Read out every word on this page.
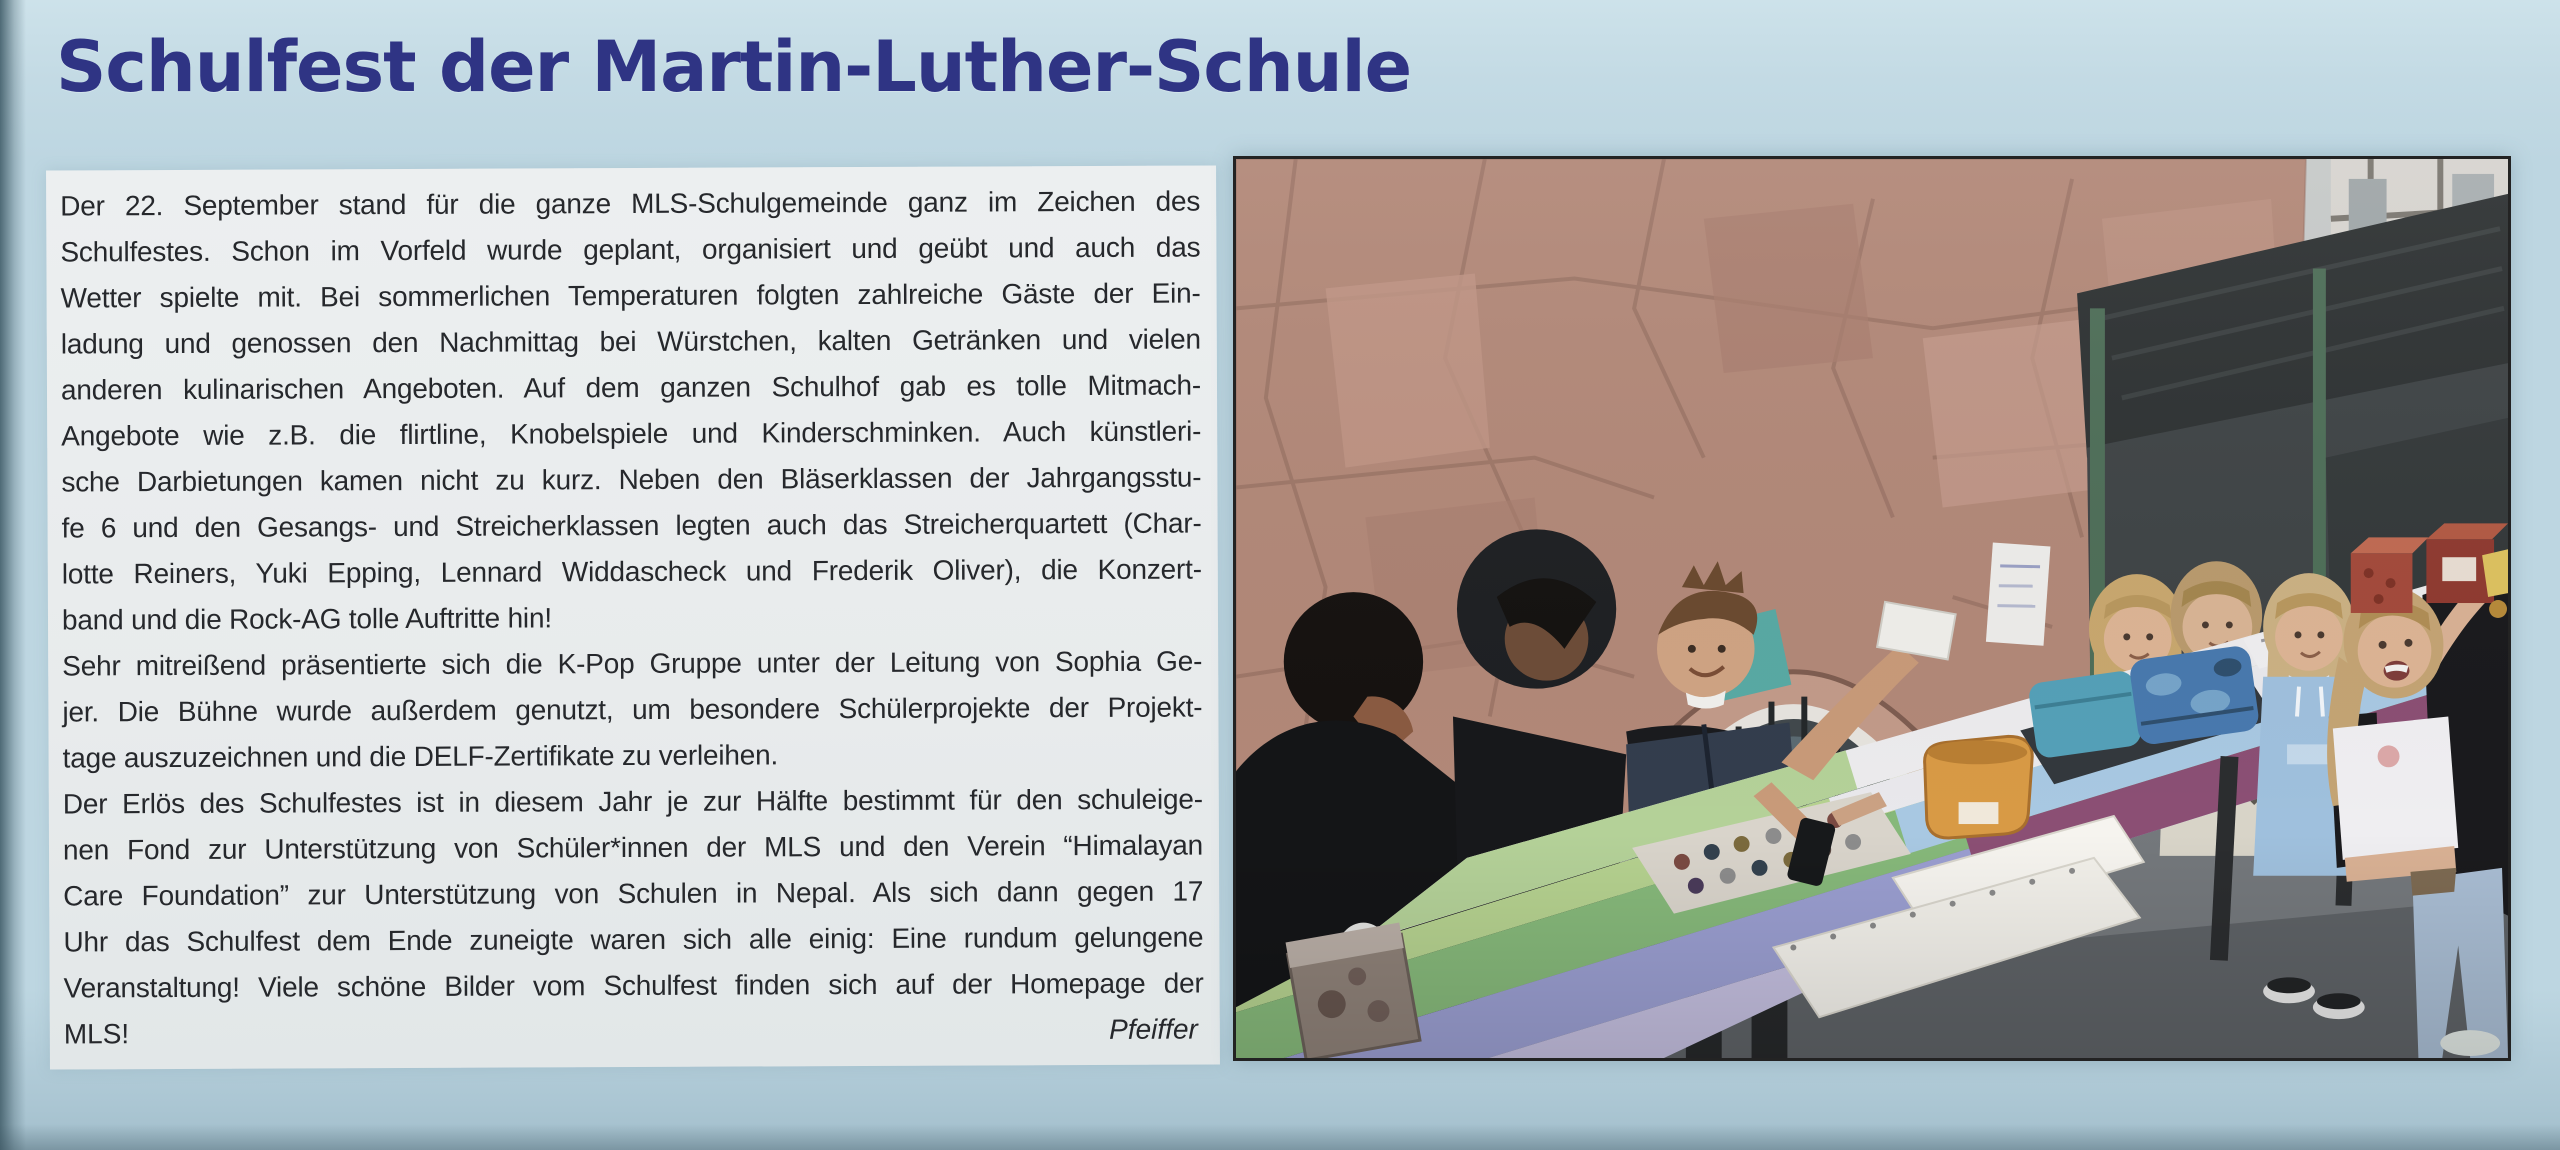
Schulfest der Martin-Luther-Schule
Der 22. September stand für die ganze MLS-Schulgemeinde ganz im Zeichen des
Schulfestes. Schon im Vorfeld wurde geplant, organisiert und geübt und auch das
Wetter spielte mit. Bei sommerlichen Temperaturen folgten zahlreiche Gäste der Ein-
ladung und genossen den Nachmittag bei Würstchen, kalten Getränken und vielen
anderen kulinarischen Angeboten. Auf dem ganzen Schulhof gab es tolle Mitmach-
Angebote wie z.B. die flirtline, Knobelspiele und Kinderschminken. Auch künstleri-
sche Darbietungen kamen nicht zu kurz. Neben den Bläserklassen der Jahrgangsstu-
fe 6 und den Gesangs- und Streicherklassen legten auch das Streicherquartett (Char-
lotte Reiners, Yuki Epping, Lennard Widdascheck und Frederik Oliver), die Konzert-
band und die Rock-AG tolle Auftritte hin!
Sehr mitreißend präsentierte sich die K-Pop Gruppe unter der Leitung von Sophia Ge-
jer. Die Bühne wurde außerdem genutzt, um besondere Schülerprojekte der Projekt-
tage auszuzeichnen und die DELF-Zertifikate zu verleihen.
Der Erlös des Schulfestes ist in diesem Jahr je zur Hälfte bestimmt für den schuleige-
nen Fond zur Unterstützung von Schüler*innen der MLS und den Verein “Himalayan
Care Foundation” zur Unterstützung von Schulen in Nepal. Als sich dann gegen 17
Uhr das Schulfest dem Ende zuneigte waren sich alle einig: Eine rundum gelungene
Veranstaltung! Viele schöne Bilder vom Schulfest finden sich auf der Homepage der
MLS!	Pfeiffer
